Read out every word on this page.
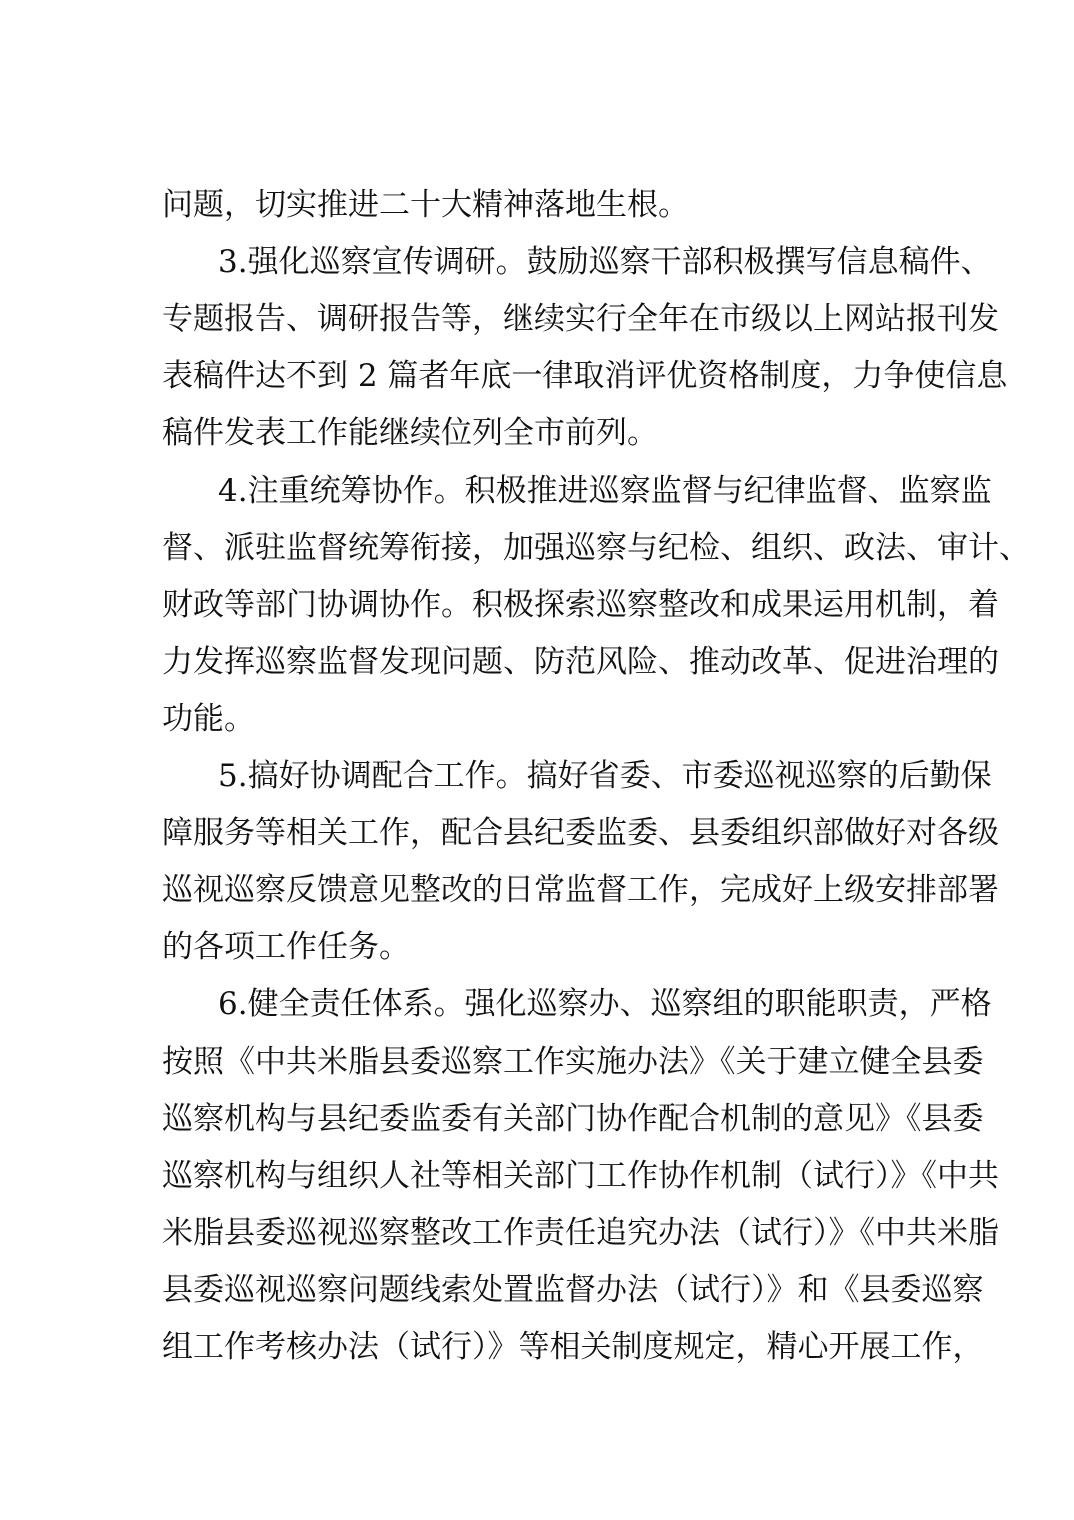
问题，切实推进二十大精神落地生根。
3.强化巡察宣传调研。鼓励巡察干部积极撰写信息稿件、
专题报告、调研报告等，继续实行全年在市级以上网站报刊发
表稿件达不到 2 篇者年底一律取消评优资格制度，力争使信息
稿件发表工作能继续位列全市前列。
4.注重统筹协作。积极推进巡察监督与纪律监督、监察监
督、派驻监督统筹衔接，加强巡察与纪检、组织、政法、审计、
财政等部门协调协作。积极探索巡察整改和成果运用机制，着
力发挥巡察监督发现问题、防范风险、推动改革、促进治理的
功能。
5.搞好协调配合工作。搞好省委、市委巡视巡察的后勤保
障服务等相关工作，配合县纪委监委、县委组织部做好对各级
巡视巡察反馈意见整改的日常监督工作，完成好上级安排部署
的各项工作任务。
6.健全责任体系。强化巡察办、巡察组的职能职责，严格
按照《中共米脂县委巡察工作实施办法》《关于建立健全县委
巡察机构与县纪委监委有关部门协作配合机制的意见》《县委
巡察机构与组织人社等相关部门工作协作机制（试行）》《中共
米脂县委巡视巡察整改工作责任追究办法（试行）》《中共米脂
县委巡视巡察问题线索处置监督办法（试行）》和《县委巡察
组工作考核办法（试行）》等相关制度规定，精心开展工作，
